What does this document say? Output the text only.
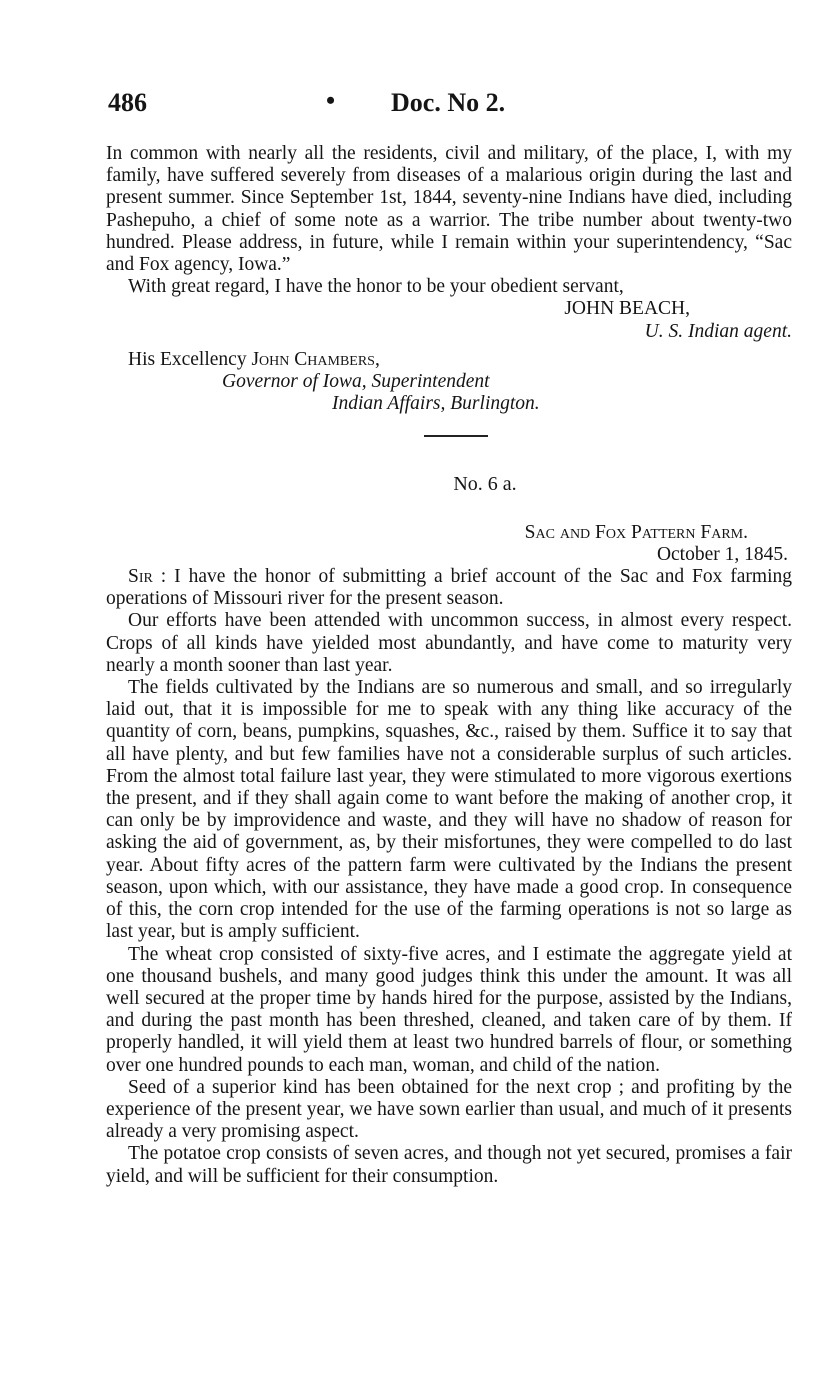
486	• Doc. No 2.

In common with nearly all the residents, civil and military, of the place, I, with my family, have suffered severely from diseases of a malarious origin during the last and present summer. Since September 1st, 1844, seventy-nine Indians have died, including Pashepuho, a chief of some note as a warrior. The tribe number about twenty-two hundred. Please address, in future, while I remain within your superintendency, “Sac and Fox agency, Iowa.”

With great regard, I have the honor to be your obedient servant,

JOHN BEACH,

U. S. Indian agent.

His Excellency John Chambers,

Governor of Iowa, Superintendent

Indian Affairs, Burlington.

No. 6 a.

Sac and Fox Pattern Farm.

October 1, 1845.

Sir : I have the honor of submitting a brief account of the Sac and Fox farming operations of Missouri river for the present season.

Our efforts have been attended with uncommon success, in almost every respect. Crops of all kinds have yielded most abundantly, and have come to maturity very nearly a month sooner than last year.

The fields cultivated by the Indians are so numerous and small, and so irregularly laid out, that it is impossible for me to speak with any thing like accuracy of the quantity of corn, beans, pumpkins, squashes, &c., raised by them. Suffice it to say that all have plenty, and but few families have not a considerable surplus of such articles. From the almost total failure last year, they were stimulated to more vigorous exertions the present, and if they shall again come to want before the making of another crop, it can only be by improvidence and waste, and they will have no shadow of reason for asking the aid of government, as, by their misfortunes, they were compelled to do last year. About fifty acres of the pattern farm were cultivated by the Indians the present season, upon which, with our assistance, they have made a good crop. In consequence of this, the corn crop intended for the use of the farming operations is not so large as last year, but is amply sufficient.

The wheat crop consisted of sixty-five acres, and I estimate the aggregate yield at one thousand bushels, and many good judges think this under the amount. It was all well secured at the proper time by hands hired for the purpose, assisted by the Indians, and during the past month has been threshed, cleaned, and taken care of by them. If properly handled, it will yield them at least two hundred barrels of flour, or something over one hundred pounds to each man, woman, and child of the nation.

Seed of a superior kind has been obtained for the next crop ; and profiting by the experience of the present year, we have sown earlier than usual, and much of it presents already a very promising aspect.

The potatoe crop consists of seven acres, and though not yet secured, promises a fair yield, and will be sufficient for their consumption.
